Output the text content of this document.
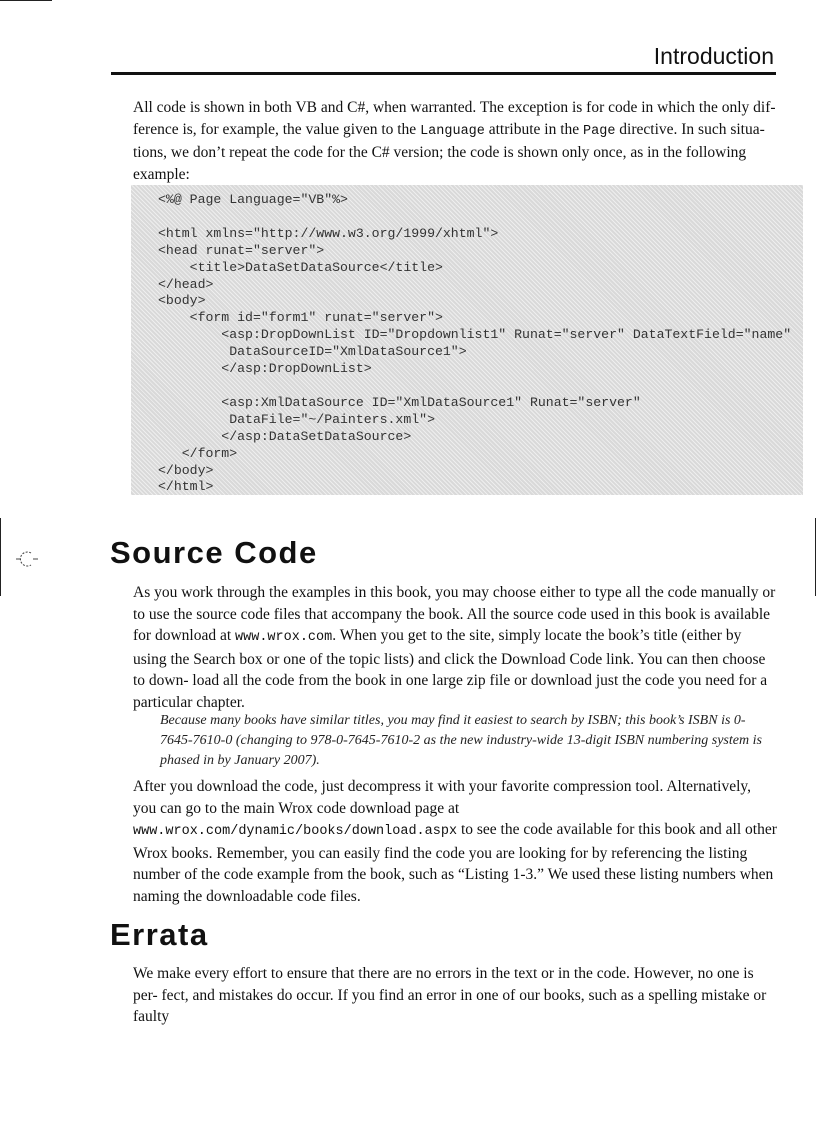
Introduction

All code is shown in both VB and C#, when warranted. The exception is for code in which the only dif- ference is, for example, the value given to the Language attribute in the Page directive. In such situa- tions, we don’t repeat the code for the C# version; the code is shown only once, as in the following example:

<%@ Page Language="VB"%>

<html xmlns="http://www.w3.org/1999/xhtml">
<head runat="server">
<title>DataSetDataSource</title>
</head>
<body>
<form id="form1" runat="server">
<asp:DropDownList ID="Dropdownlist1" Runat="server" DataTextField="name"
DataSourceID="XmlDataSource1">
</asp:DropDownList>

<asp:XmlDataSource ID="XmlDataSource1" Runat="server"
DataFile="~/Painters.xml">
</asp:DataSetDataSource>
</form>
</body>
</html>

Source Code

As you work through the examples in this book, you may choose either to type all the code manually or to use the source code files that accompany the book. All the source code used in this book is available for download at www.wrox.com. When you get to the site, simply locate the book’s title (either by using the Search box or one of the topic lists) and click the Download Code link. You can then choose to down- load all the code from the book in one large zip file or download just the code you need for a particular chapter.

Because many books have similar titles, you may find it easiest to search by ISBN; this book’s ISBN is 0-7645-7610-0 (changing to 978-0-7645-7610-2 as the new industry-wide 13-digit ISBN numbering system is phased in by January 2007).

After you download the code, just decompress it with your favorite compression tool. Alternatively, you can go to the main Wrox code download page at www.wrox.com/dynamic/books/download.aspx to see the code available for this book and all other Wrox books. Remember, you can easily find the code you are looking for by referencing the listing number of the code example from the book, such as “Listing 1-3.” We used these listing numbers when naming the downloadable code files.

Errata

We make every effort to ensure that there are no errors in the text or in the code. However, no one is per- fect, and mistakes do occur. If you find an error in one of our books, such as a spelling mistake or faulty
